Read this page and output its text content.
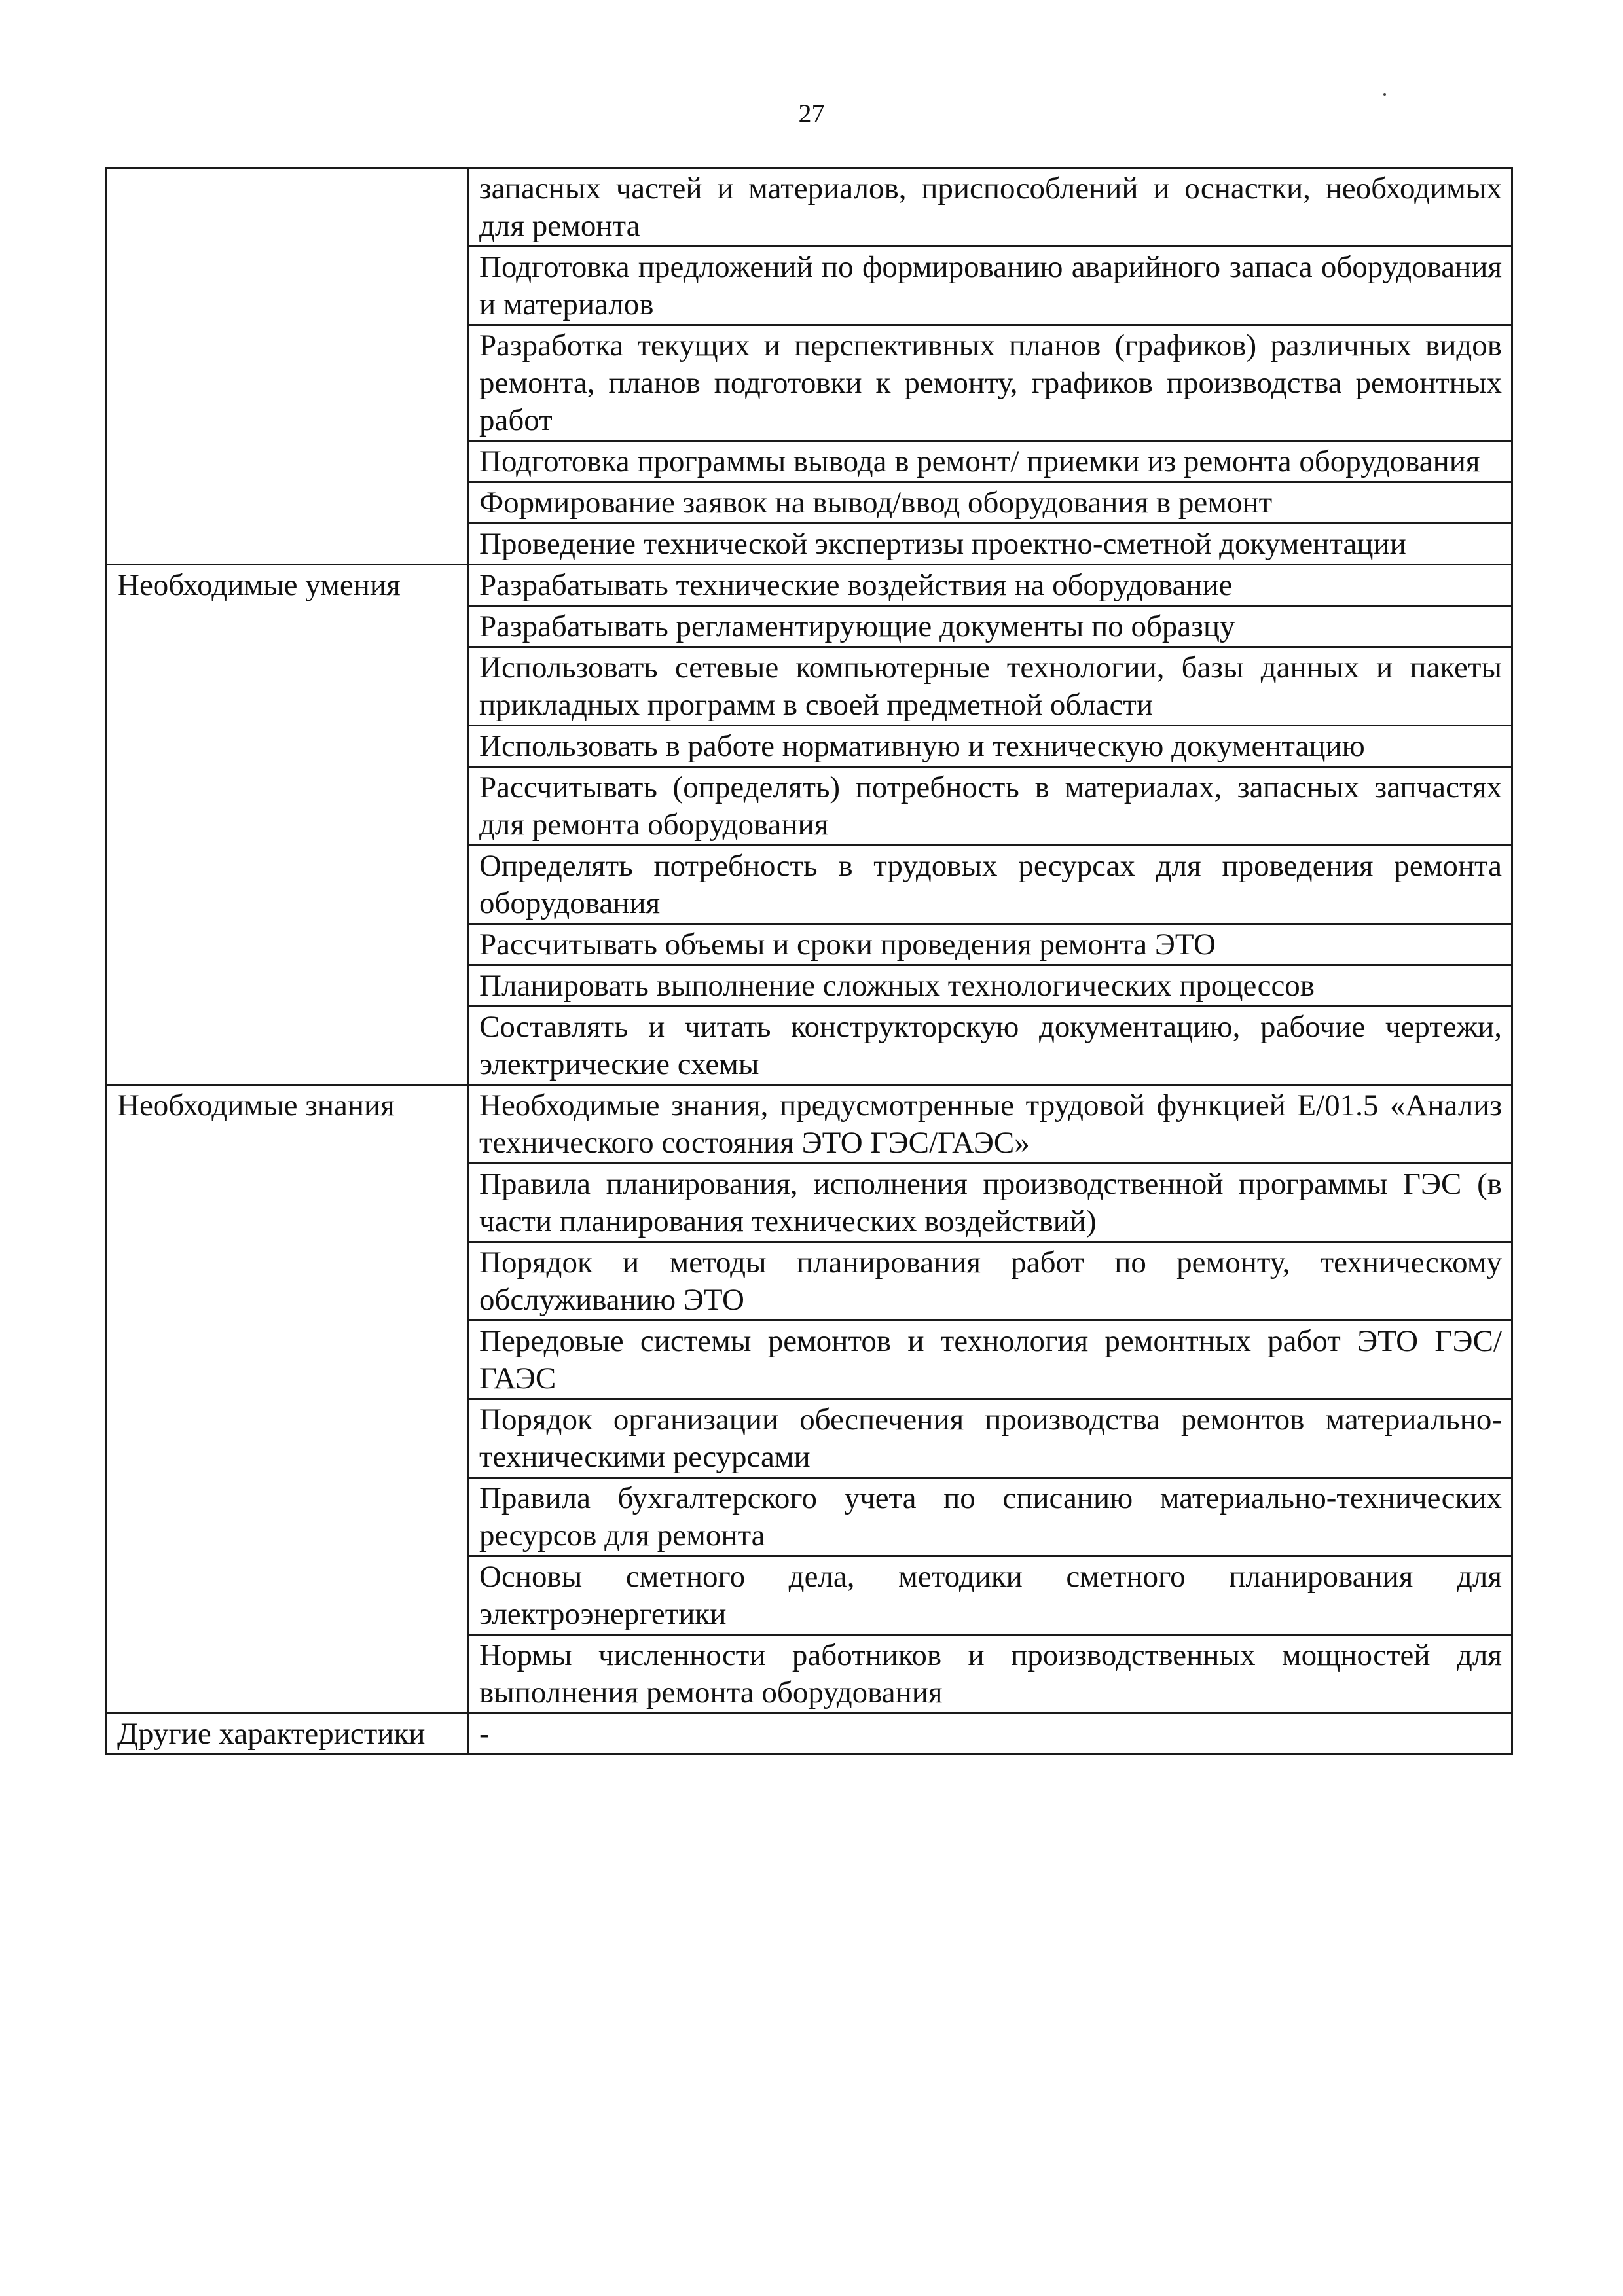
27
	запасных частей и материалов, приспособлений и оснастки, необходимых для ремонта
	Подготовка предложений по формированию аварийного запаса оборудования и материалов
	Разработка текущих и перспективных планов (графиков) различных видов ремонта, планов подготовки к ремонту, графиков производства ремонтных работ
	Подготовка программы вывода в ремонт/ приемки из ремонта оборудования
	Формирование заявок на вывод/ввод оборудования в ремонт
	Проведение технической экспертизы проектно-сметной документации
Необходимые умения	Разрабатывать технические воздействия на оборудование
	Разрабатывать регламентирующие документы по образцу
	Использовать сетевые компьютерные технологии, базы данных и пакеты прикладных программ в своей предметной области
	Использовать в работе нормативную и техническую документацию
	Рассчитывать (определять) потребность в материалах, запасных запчастях для ремонта оборудования
	Определять потребность в трудовых ресурсах для проведения ремонта оборудования
	Рассчитывать объемы и сроки проведения ремонта ЭТО
	Планировать выполнение сложных технологических процессов
	Составлять и читать конструкторскую документацию, рабочие чертежи, электрические схемы
Необходимые знания	Необходимые знания, предусмотренные трудовой функцией E/01.5 «Анализ технического состояния ЭТО ГЭС/ГАЭС»
	Правила планирования, исполнения производственной программы ГЭС (в части планирования технических воздействий)
	Порядок и методы планирования работ по ремонту, техническому обслуживанию ЭТО
	Передовые системы ремонтов и технология ремонтных работ ЭТО ГЭС/ГАЭС
	Порядок организации обеспечения производства ремонтов материально-техническими ресурсами
	Правила бухгалтерского учета по списанию материально-технических ресурсов для ремонта
	Основы сметного дела, методики сметного планирования для электроэнергетики
	Нормы численности работников и производственных мощностей для выполнения ремонта оборудования
Другие характеристики	-
